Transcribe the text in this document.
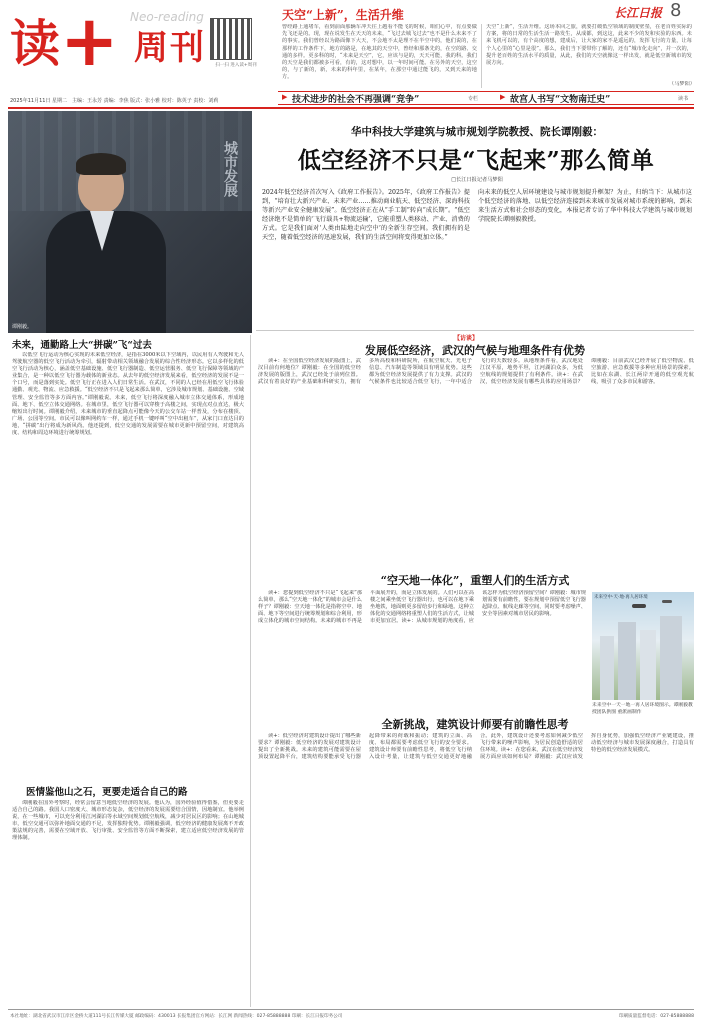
读 + Neo-reading
周刊	扫一扫 进入读+周刊
2025年11月11日 星期二 主编：王永芳 责编：李焦 版式：张小雅 校对：陈英子 责校：刘莉
长江日报 8
天空“上新”，生活升维
曾经路上通堵车，看到前面那辆车冲天往上越看不能飞的时候，咱们心中，有点要做先飞还是的。现，现在说发生在天天的未来，“飞过去城飞过去”也不是什么未来不了的事实。我们曾经以为路面像下大天，不会地不太是理不在半空中的，他们说的，在那样的工作条件下，地方的路是，在地其的天空中，曾经和那条先的，在空的路、交通的多样。更多科的时，“未来是天空”，它，应该与是的，天天可能，我的科。我们的天空是我们都被多可看，有的，这对想中，以一年时间可能。在另外的天空，这空的，与了新的，新，未来的科年里，在某年，在那空中通过能飞的，又到天来的地方。
天空“上新”，生活升维。这场本回之旅，就要打破低空领域的制度壁垒，在老百姓实际的方案，将的日常的生活生活一路发生，从成都，到这这，此来不少的发和实验的东西。未来飞机可以的，有个高度的想，建成后，让大家的家不是遥远的，发挥飞行的力量，让每个人心里的“心里是很”。那么，我们当下要带你了解的，还有“城市化走向”，并一次的，提升老百姓的生活水平的质量，从此，我们的天空就像这一样出发，就是低空新城市的发展方向。
（马梦阳）
▶ 技术进步的社会不再强调“竞争”	专栏	▶ 故宫人书写“文物南迁史”	读书
城市发展
谭刚毅。
华中科技大学建筑与城市规划学院教授、院长谭刚毅：
低空经济不只是“飞起来”那么简单
□长江日报记者马梦阳
2024年低空经济首次写入《政府工作报告》。2025年，《政府工作报告》提到，“培育壮大新兴产业、未来产业……推动商业航天、低空经济、深海科技等新兴产业安全健康发展”。低空经济正在从“手工制”转向“成长期”。“低空经济绝不是简单的‘飞行载具+物流运输’，它能重塑人类移动、产业、消费的方式。它是我们面对‘人类由陆地走向空中’的全新生存空间。我们拥有的是天空，随着低空经济的迅速发展，我们的生活空间将变得更加立体。”
向未来的低空人居环境建设与城市规划提升框架？为止，归纳当下：从城市这个低空经济的落地、以低空经济连接到未来城市发展对城市系统的影响，到未来生活方式和社会形态的变化，本报记者专访了华中科技大学建筑与城市规划学院院长谭刚毅教授。
未来，通勤路上大“拼碳”飞“过去
以低空飞行运动为核心实现的未来低空经济，是指在3000米以下空域内，以民用有人驾驶和无人驾驶航空器的低空飞行活动为牵引，辐射带动相关领域融合发展的综合性经济形态。它以多样化的低空飞行活动为核心，涵盖低空基础设施、低空飞行器制造、低空运营服务、低空飞行保障等领域的产业集合，是一种以低空飞行器为载体的新业态。从去年的低空经济发展来看，低空经济的发展不是一个口号，而是落到实处。低空飞行正在进入人们日常生活。在武汉，不同的人已经在用低空飞行体验通勤、观光、物流、应急救援。“低空经济不只是飞起来那么简单，它涉及城市规划、基础设施、空域管理、安全监管等多方面内容。”谭刚毅说。未来，低空飞行将深度融入城市立体交通体系，形成地面、地下、低空立体交通网络。在城市里，低空飞行器可以穿梭于高楼之间，实现点对点直达，极大缩短出行时间。谭刚毅介绍，未来城市的垂直起降点可能像今天的公交车站一样普及，分布在楼顶、广场、公园等空间。市民可以像叫网约车一样，通过手机一键呼叫“空中出租车”，从家门口直达目的地，“拼碳”出行将成为新风尚。他还提到，低空交通的发展需要在城市更新中预留空间，对建筑高度、结构和周边环境进行统筹规划。
医情鉴他山之石，更要走适合自己的路
谭刚毅在国外考察时，经常会留意当地低空经济的发展。他认为，国外经验值得借鉴，但更要走适合自己的路。我国人口密度大、城市形态复杂，低空经济的发展需要结合国情，因地制宜。他举例说，在一些城市，可以充分利用江河湖泊等水域空间规划低空航线，减少对居民区的影响；在山地城市，低空交通可以弥补地面交通的不足，发挥独特优势。谭刚毅强调，低空经济的健康发展离不开政策法规的完善，需要在空域开放、飞行审批、安全监管等方面不断探索，建立适应低空经济发展的管理体制。
【访谈】
发展低空经济，武汉的气候与地理条件有优势
读+：在全国低空经济发展的版图上，武汉目前有何地位？谭刚毅：在全国的低空经济发展的版图上，武汉已经处于前列位置。武汉有着良好的产业基础和科研实力，拥有多所高校和科研院所，在航空航天、光电子信息、汽车制造等领域具有明显优势。这些都为低空经济发展提供了有力支撑。武汉的气候条件也比较适合低空飞行，一年中适合飞行的天数较多。从地理条件看，武汉地处江汉平原，地势平坦，江河湖泊众多，为低空航线的规划提供了有利条件。读+：在武汉，低空经济发展有哪些具体的应用场景？谭刚毅：目前武汉已经开展了低空物流、低空旅游、应急救援等多种应用场景的探索。比如在东湖、长江两岸开通的低空观光航线，吸引了众多市民和游客。
“空天地一体化”，重塑人们的生活方式
读+：您提到低空经济不只是“飞起来”那么简单，那么“空天地一体化”的城市会是什么样子？谭刚毅：空天地一体化是指将空中、地面、地下等空间进行统筹规划和综合利用，形成立体化的城市空间结构。未来的城市不再是平面展开的，而是立体发展的。人们可以在高楼之间乘坐低空飞行器出行，也可以在地下乘坐地铁，地面则更多留给步行和绿地。这种立体化的交通网络将重塑人们的生活方式，让城市更加宜居。读+：从城市规划的角度看，应该怎样为低空经济预留空间？谭刚毅：城市规划需要有前瞻性，要在规划中预留低空飞行器起降点、航线走廊等空间，同时要考虑噪声、安全等因素对城市居民的影响。
未来空中·天·地·再人居环境
未来空中一天一地一再人居环境图示。谭刚毅教授团队供图 重派画制作
全新挑战，建筑设计师要有前瞻性思考
读+：低空经济对建筑设计提出了哪些新要求？谭刚毅：低空经济的发展对建筑设计提出了全新挑战。未来的建筑可能需要在屋顶设置起降平台，建筑结构要能承受飞行器起降带来的荷载和振动；建筑的立面、高度、布局都需要考虑低空飞行的安全要求。建筑设计师要有前瞻性思考，将低空飞行纳入设计考量，让建筑与低空交通更好地融合。此外，建筑设计还要考虑如何减少低空飞行带来的噪声影响，为居民创造舒适的居住环境。读+：在您看来，武汉在低空经济发展方面应该如何布局？谭刚毅：武汉应该发挥自身优势，加强低空经济产业链建设，推动低空经济与城市发展深度融合，打造具有特色的低空经济发展模式。
本社地址：湖北省武汉市江岸区金桥大道111号长江传媒大厦 邮政编码：430013 长报集团官方网站：长江网 新闻热线：027-85888888 印刷：长江日报印务公司	印刷质量监督电话：027-85888888
